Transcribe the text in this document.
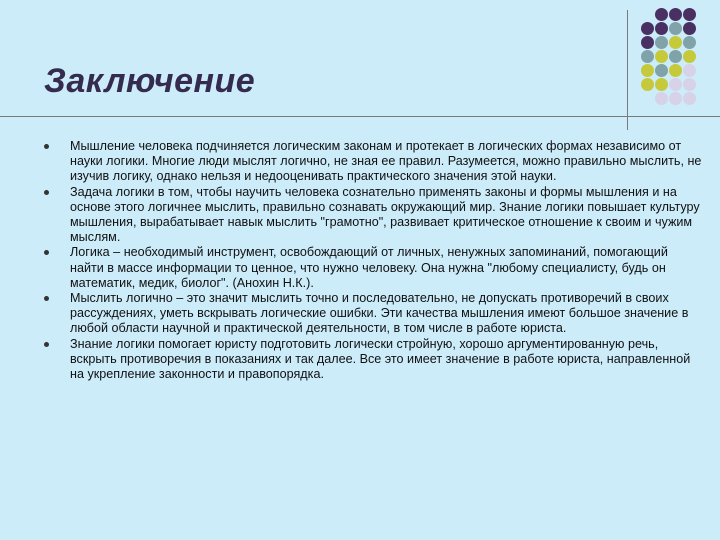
Заключение
Мышление человека подчиняется логическим законам и протекает в логических формах независимо от науки логики. Многие люди мыслят логично, не зная ее правил. Разумеется, можно правильно мыслить, не изучив логику, однако нельзя и недооценивать практического значения этой науки.
Задача логики в том, чтобы научить человека сознательно применять законы и формы мышления и на основе этого логичнее мыслить, правильно сознавать окружающий мир. Знание логики повышает культуру мышления, вырабатывает навык мыслить "грамотно", развивает критическое отношение к своим и чужим мыслям.
Логика – необходимый инструмент, освобождающий от личных, ненужных запоминаний, помогающий найти в массе информации то ценное, что нужно человеку. Она нужна "любому специалисту, будь он математик, медик, биолог". (Анохин Н.К.).
Мыслить логично – это значит мыслить точно и последовательно, не допускать противоречий в своих рассуждениях, уметь вскрывать логические ошибки. Эти качества мышления имеют большое значение в любой области научной и практической деятельности, в том числе в работе юриста.
Знание логики помогает юристу подготовить логически стройную, хорошо аргументированную речь, вскрыть противоречия в показаниях и так далее. Все это имеет значение в работе юриста, направленной на укрепление законности и правопорядка.
